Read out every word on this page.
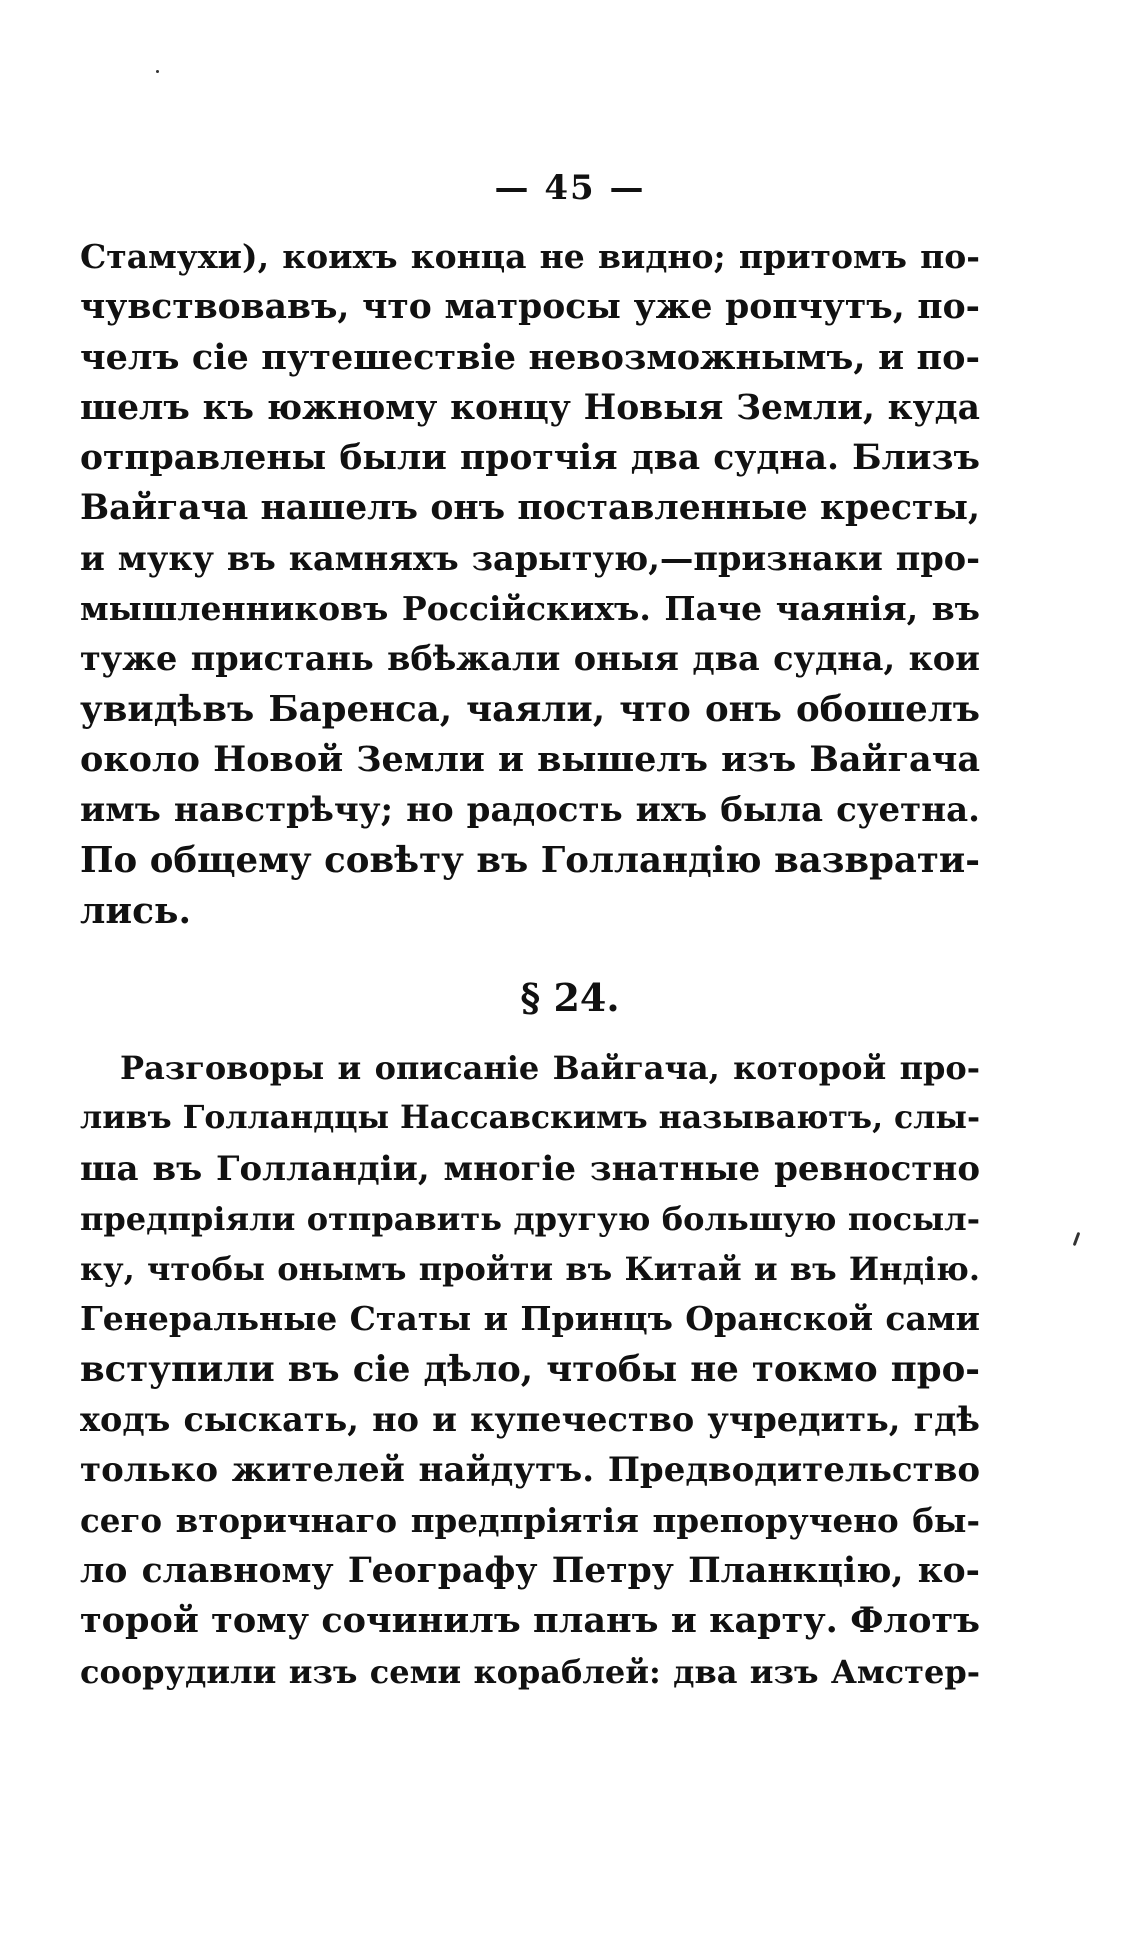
— 45 —
Стамухи), коихъ конца не видно; притомъ по-
чувствовавъ, что матросы уже ропчутъ, по-
челъ сіе путешествіе невозможнымъ, и по-
шелъ къ южному концу Новыя Земли, куда
отправлены были протчія два судна. Близъ
Вайгача нашелъ онъ поставленные кресты,
и муку въ камняхъ зарытую,—признаки про-
мышленниковъ Россійскихъ. Паче чаянія, въ
туже пристань вбѣжали оныя два судна, кои
увидѣвъ Баренса, чаяли, что онъ обошелъ
около Новой Земли и вышелъ изъ Вайгача
имъ навстрѣчу; но радость ихъ была суетна.
По общему совѣту въ Голландію вазврати-
лись.
§ 24.
Разговоры и описаніе Вайгача, которой про-
ливъ Голландцы Нассавскимъ называютъ, слы-
ша въ Голландіи, многіе знатные ревностно
предпріяли отправить другую большую посыл-
ку, чтобы онымъ пройти въ Китай и въ Индію.
Генеральные Статы и Принцъ Оранской сами
вступили въ сіе дѣло, чтобы не токмо про-
ходъ сыскать, но и купечество учредить, гдѣ
только жителей найдутъ. Предводительство
сего вторичнаго предпріятія препоручено бы-
ло славному Географу Петру Планкцію, ко-
торой тому сочинилъ планъ и карту. Флотъ
соорудили изъ семи кораблей: два изъ Амстер-
